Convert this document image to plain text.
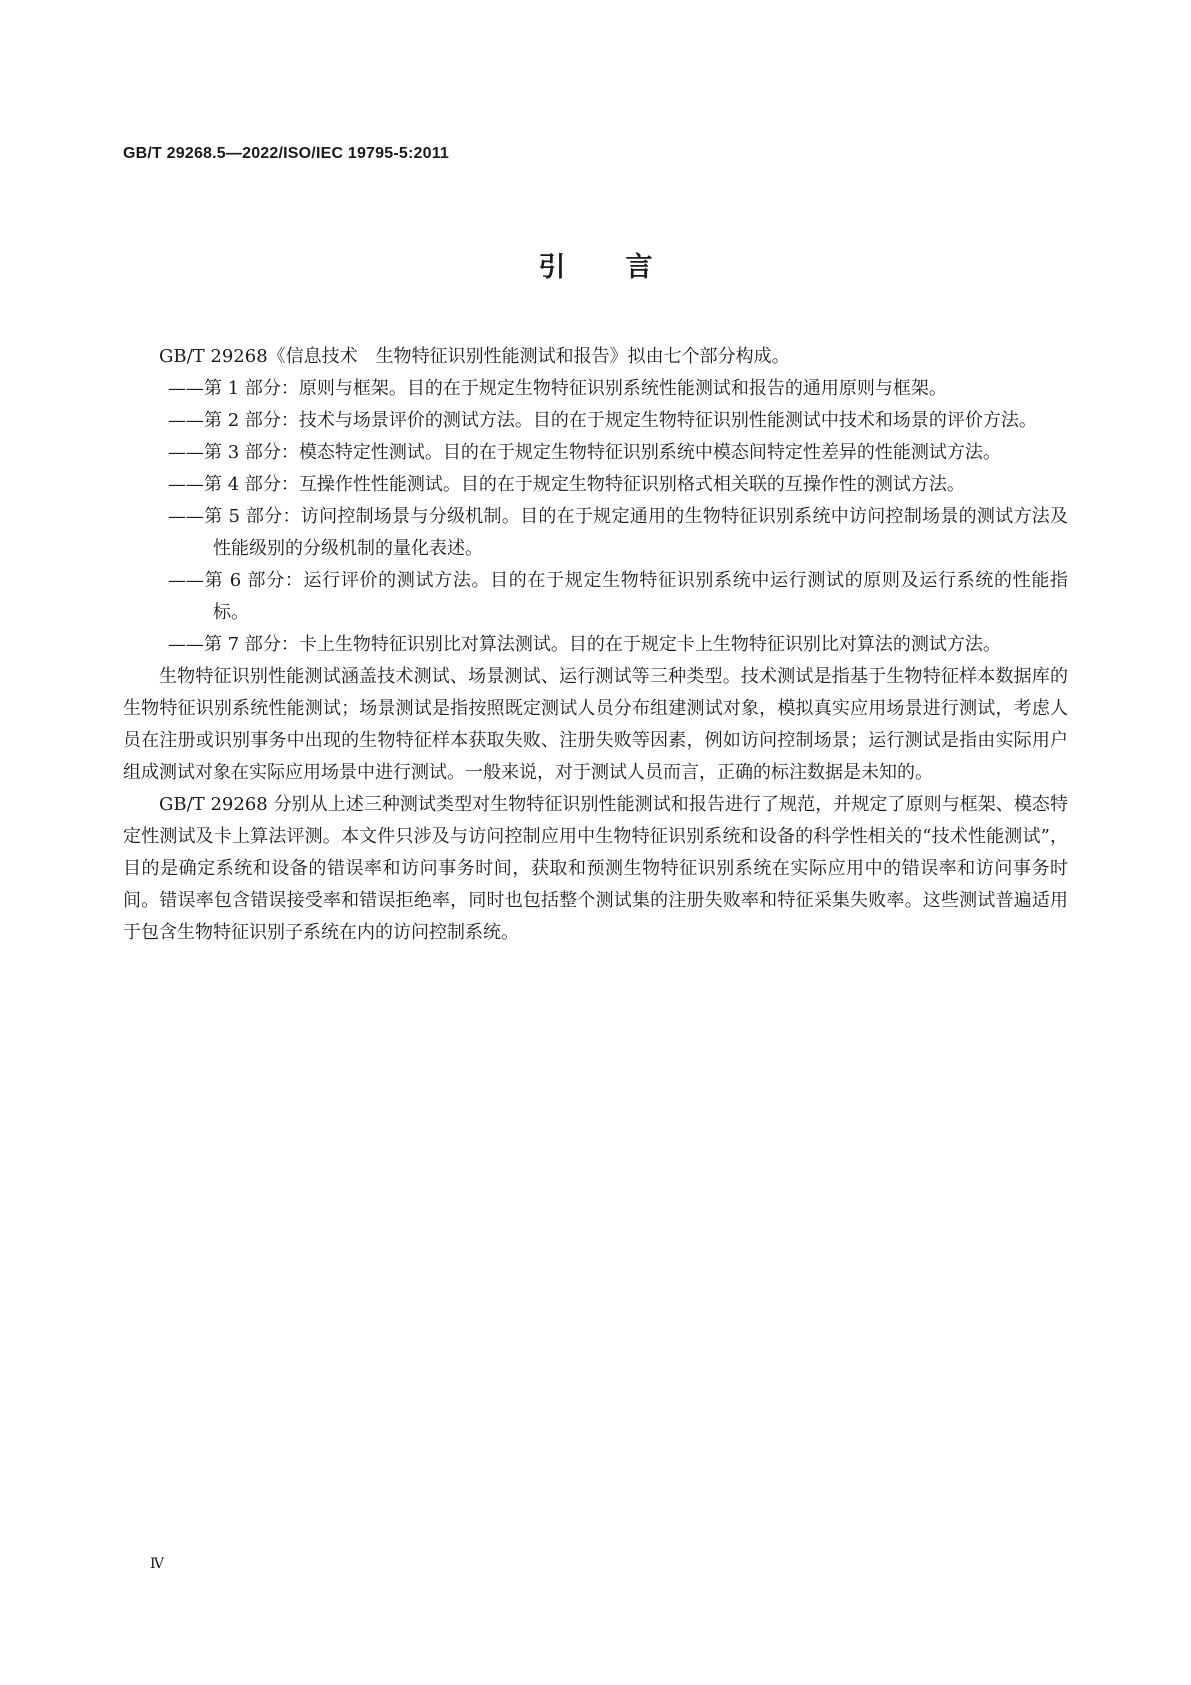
GB/T 29268.5—2022/ISO/IEC 19795-5:2011
引言

GB/T 29268《信息技术　生物特征识别性能测试和报告》拟由七个部分构成。

——第 1 部分：原则与框架。目的在于规定生物特征识别系统性能测试和报告的通用原则与框架。
——第 2 部分：技术与场景评价的测试方法。目的在于规定生物特征识别性能测试中技术和场景的评价方法。
——第 3 部分：模态特定性测试。目的在于规定生物特征识别系统中模态间特定性差异的性能测试方法。
——第 4 部分：互操作性性能测试。目的在于规定生物特征识别格式相关联的互操作性的测试方法。
——第 5 部分：访问控制场景与分级机制。目的在于规定通用的生物特征识别系统中访问控制场景的测试方法及性能级别的分级机制的量化表述。
——第 6 部分：运行评价的测试方法。目的在于规定生物特征识别系统中运行测试的原则及运行系统的性能指标。
——第 7 部分：卡上生物特征识别比对算法测试。目的在于规定卡上生物特征识别比对算法的测试方法。

生物特征识别性能测试涵盖技术测试、场景测试、运行测试等三种类型。技术测试是指基于生物特征样本数据库的生物特征识别系统性能测试；场景测试是指按照既定测试人员分布组建测试对象，模拟真实应用场景进行测试，考虑人员在注册或识别事务中出现的生物特征样本获取失败、注册失败等因素，例如访问控制场景；运行测试是指由实际用户组成测试对象在实际应用场景中进行测试。一般来说，对于测试人员而言，正确的标注数据是未知的。

GB/T 29268 分别从上述三种测试类型对生物特征识别性能测试和报告进行了规范，并规定了原则与框架、模态特定性测试及卡上算法评测。本文件只涉及与访问控制应用中生物特征识别系统和设备的科学性相关的“技术性能测试”，目的是确定系统和设备的错误率和访问事务时间，获取和预测生物特征识别系统在实际应用中的错误率和访问事务时间。错误率包含错误接受率和错误拒绝率，同时也包括整个测试集的注册失败率和特征采集失败率。这些测试普遍适用于包含生物特征识别子系统在内的访问控制系统。

Ⅳ
